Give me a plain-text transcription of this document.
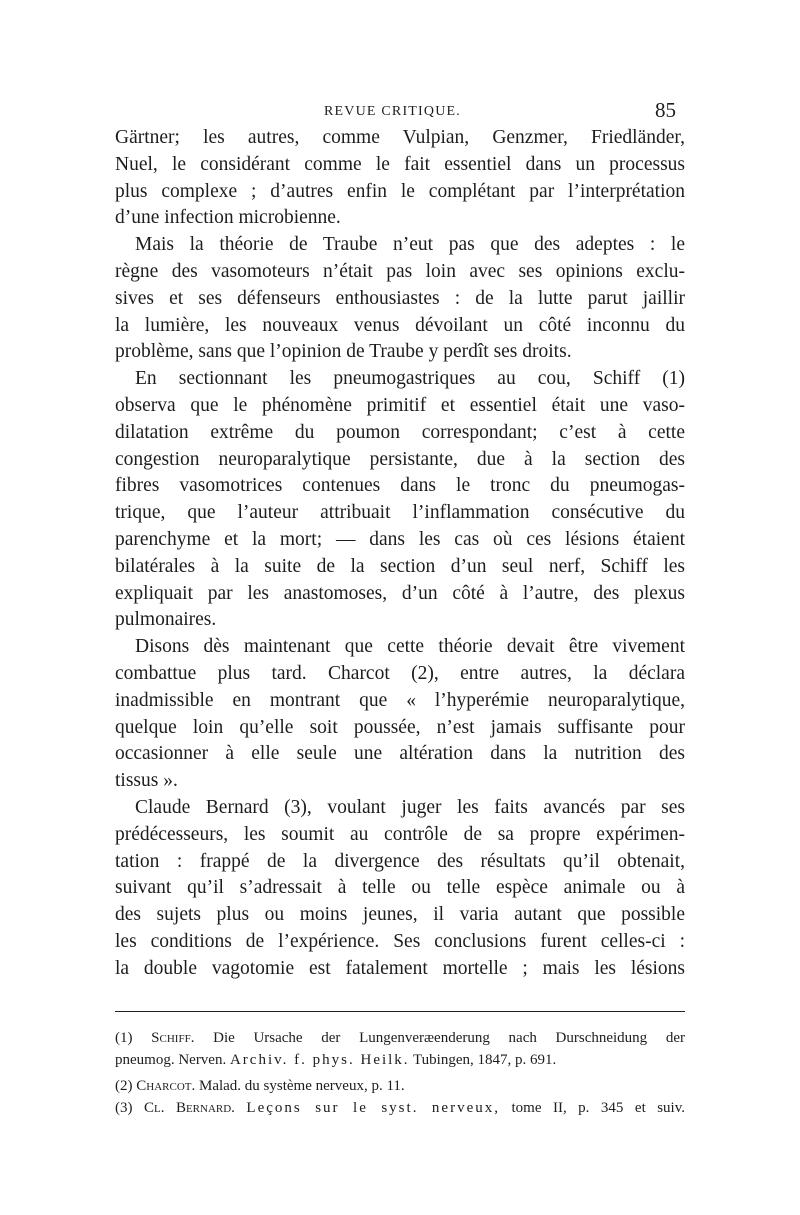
REVUE CRITIQUE.	85
Gärtner; les autres, comme Vulpian, Genzmer, Friedländer,
Nuel, le considérant comme le fait essentiel dans un processus
plus complexe ; d’autres enfin le complétant par l’interprétation
d’une infection microbienne.
Mais la théorie de Traube n’eut pas que des adeptes : le
règne des vasomoteurs n’était pas loin avec ses opinions exclu-
sives et ses défenseurs enthousiastes : de la lutte parut jaillir
la lumière, les nouveaux venus dévoilant un côté inconnu du
problème, sans que l’opinion de Traube y perdît ses droits.
En sectionnant les pneumogastriques au cou, Schiff (1)
observa que le phénomène primitif et essentiel était une vaso-
dilatation extrême du poumon correspondant; c’est à cette
congestion neuroparalytique persistante, due à la section des
fibres vasomotrices contenues dans le tronc du pneumogas-
trique, que l’auteur attribuait l’inflammation consécutive du
parenchyme et la mort; — dans les cas où ces lésions étaient
bilatérales à la suite de la section d’un seul nerf, Schiff les
expliquait par les anastomoses, d’un côté à l’autre, des plexus
pulmonaires.
Disons dès maintenant que cette théorie devait être vivement
combattue plus tard. Charcot (2), entre autres, la déclara
inadmissible en montrant que « l’hyperémie neuroparalytique,
quelque loin qu’elle soit poussée, n’est jamais suffisante pour
occasionner à elle seule une altération dans la nutrition des
tissus ».
Claude Bernard (3), voulant juger les faits avancés par ses
prédécesseurs, les soumit au contrôle de sa propre expérimen-
tation : frappé de la divergence des résultats qu’il obtenait,
suivant qu’il s’adressait à telle ou telle espèce animale ou à
des sujets plus ou moins jeunes, il varia autant que possible
les conditions de l’expérience. Ses conclusions furent celles-ci :
la double vagotomie est fatalement mortelle ; mais les lésions
(1) Schiff. Die Ursache der Lungenveræenderung nach Durschneidung der
pneumog. Nerven. Archiv. f. phys. Heilk. Tubingen, 1847, p. 691.
(2) Charcot. Malad. du système nerveux, p. 11.
(3) Cl. Bernard. Leçons sur le syst. nerveux, tome II, p. 345 et suiv.
